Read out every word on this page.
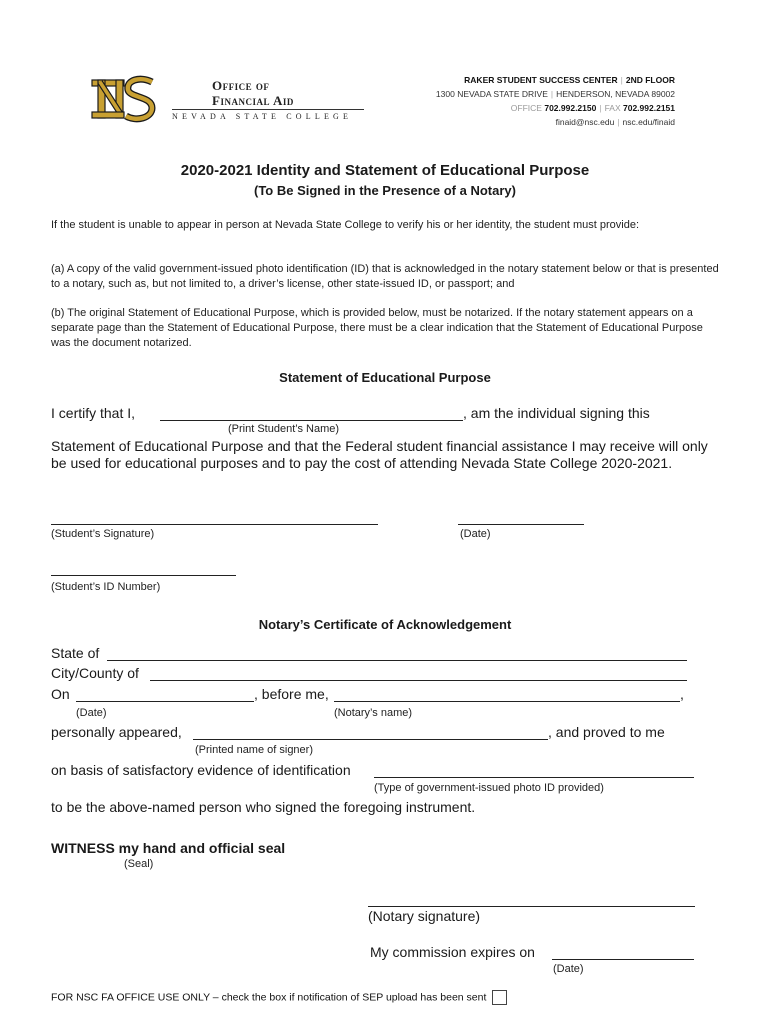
NSC
Office of
Financial Aid
NEVADA STATE COLLEGE
RAKER STUDENT SUCCESS CENTER | 2ND FLOOR
1300 NEVADA STATE DRIVE | HENDERSON, NEVADA 89002
OFFICE 702.992.2150 | FAX 702.992.2151
finaid@nsc.edu | nsc.edu/finaid
2020-2021 Identity and Statement of Educational Purpose
(To Be Signed in the Presence of a Notary)
If the student is unable to appear in person at Nevada State College to verify his or her identity, the student must provide:
(a) A copy of the valid government-issued photo identification (ID) that is acknowledged in the notary statement below or that is presented to a notary, such as, but not limited to, a driver’s license, other state-issued ID, or passport; and
(b) The original Statement of Educational Purpose, which is provided below, must be notarized. If the notary statement appears on a separate page than the Statement of Educational Purpose, there must be a clear indication that the Statement of Educational Purpose was the document notarized.
Statement of Educational Purpose
I certify that I,	, am the individual signing this
(Print Student’s Name)
Statement of Educational Purpose and that the Federal student financial assistance I may receive will only be used for educational purposes and to pay the cost of attending Nevada State College 2020-2021.
(Student’s Signature)	(Date)
(Student’s ID Number)
Notary’s Certificate of Acknowledgement
State of
City/County of
On	, before me,	,
(Date)	(Notary’s name)
personally appeared,	, and proved to me
(Printed name of signer)
on basis of satisfactory evidence of identification
(Type of government-issued photo ID provided)
to be the above-named person who signed the foregoing instrument.
WITNESS my hand and official seal
(Seal)
(Notary signature)
My commission expires on
(Date)
FOR NSC FA OFFICE USE ONLY – check the box if notification of SEP upload has been sent
